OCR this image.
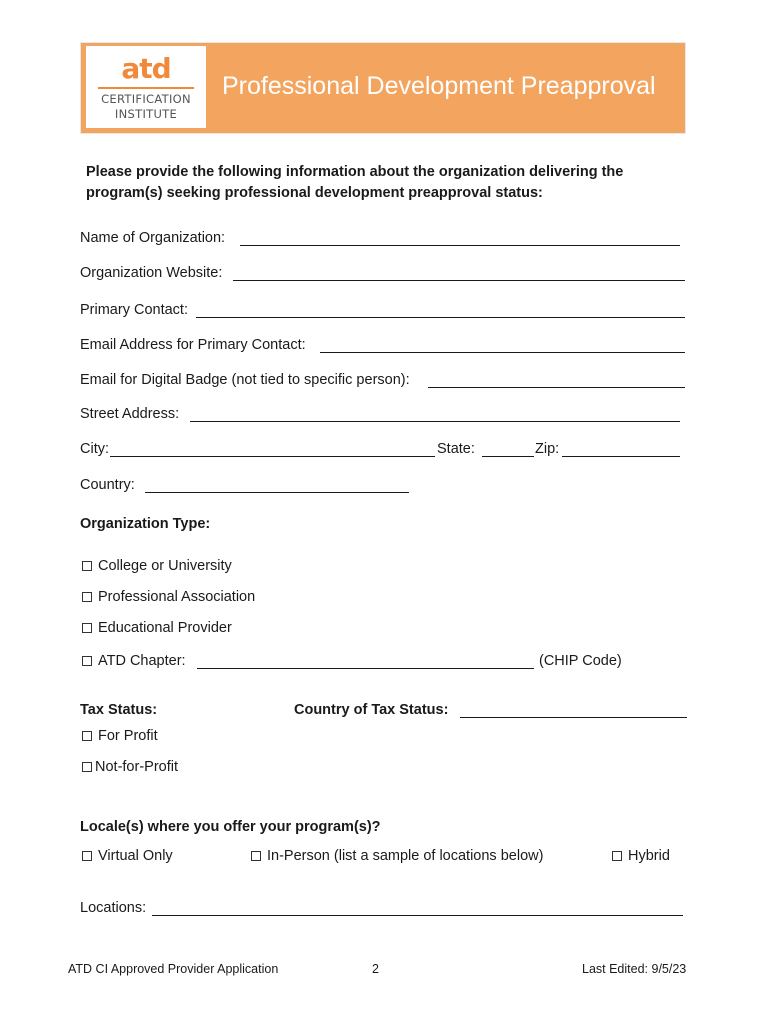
atd
CERTIFICATION
INSTITUTE
Professional Development Preapproval
Please provide the following information about the organization delivering the program(s) seeking professional development preapproval status:
Name of Organization:
Organization Website:
Primary Contact:
Email Address for Primary Contact:
Email for Digital Badge (not tied to specific person):
Street Address:
City:	State:	Zip:
Country:
Organization Type:
College or University
Professional Association
Educational Provider
ATD Chapter:	(CHIP Code)
Tax Status:	Country of Tax Status:
For Profit
Not-for-Profit
Locale(s) where you offer your program(s)?
Virtual Only	In-Person (list a sample of locations below)	Hybrid
Locations:
ATD CI Approved Provider Application	2	Last Edited: 9/5/23
